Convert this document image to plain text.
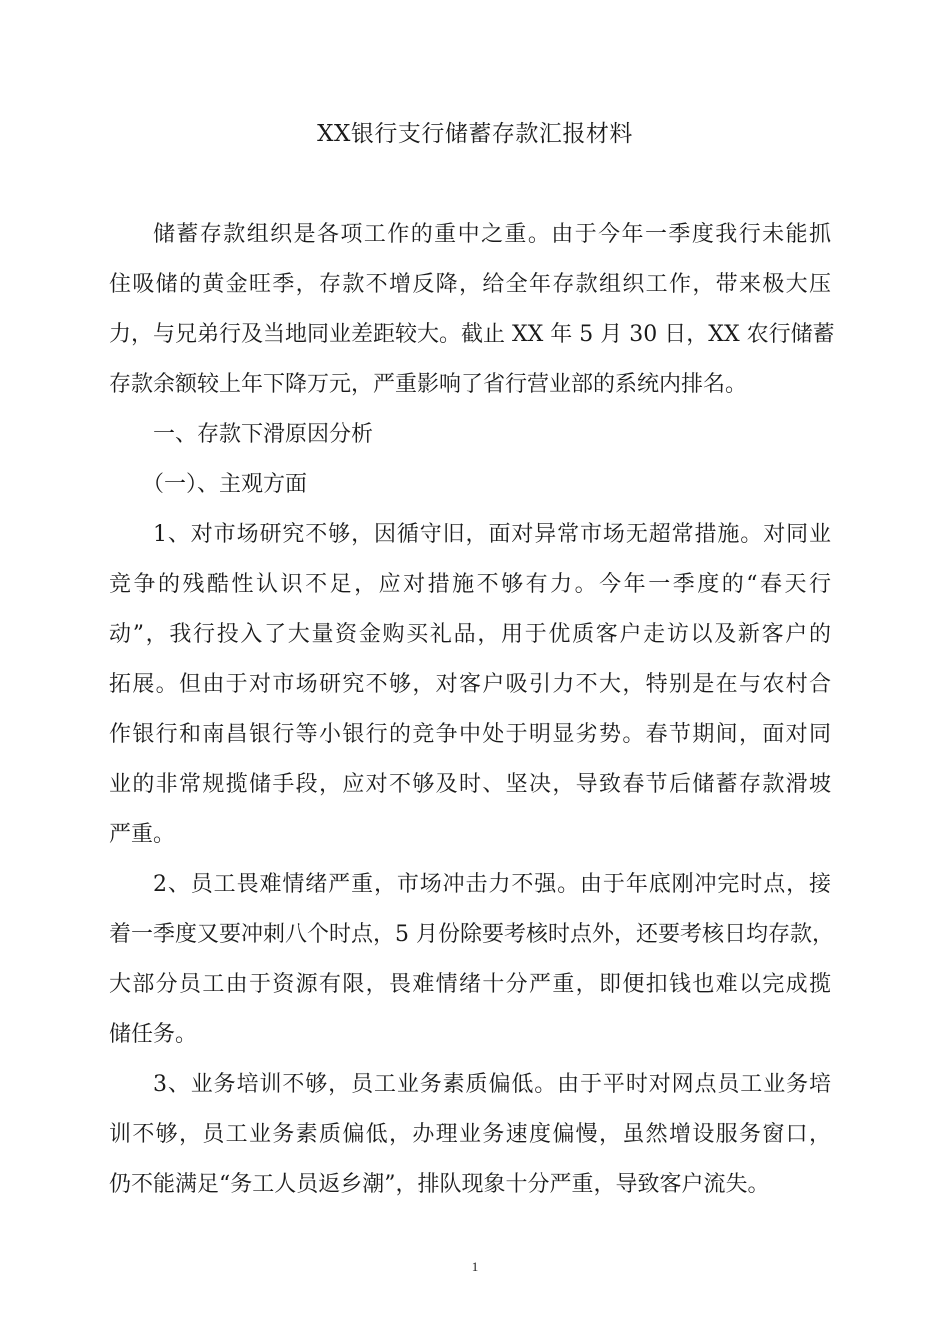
XX银行支行储蓄存款汇报材料
储蓄存款组织是各项工作的重中之重。由于今年一季度我行未能抓
住吸储的黄金旺季，存款不增反降，给全年存款组织工作，带来极大压
力，与兄弟行及当地同业差距较大。截止 XX 年 5 月 30 日，XX 农行储蓄
存款余额较上年下降万元，严重影响了省行营业部的系统内排名。
一、存款下滑原因分析
（一）、主观方面
1、对市场研究不够，因循守旧，面对异常市场无超常措施。对同业
竞争的残酷性认识不足，应对措施不够有力。今年一季度的“春天行
动”，我行投入了大量资金购买礼品，用于优质客户走访以及新客户的
拓展。但由于对市场研究不够，对客户吸引力不大，特别是在与农村合
作银行和南昌银行等小银行的竞争中处于明显劣势。春节期间，面对同
业的非常规揽储手段，应对不够及时、坚决，导致春节后储蓄存款滑坡
严重。
2、员工畏难情绪严重，市场冲击力不强。由于年底刚冲完时点，接
着一季度又要冲刺八个时点，5 月份除要考核时点外，还要考核日均存款，
大部分员工由于资源有限，畏难情绪十分严重，即便扣钱也难以完成揽
储任务。
3、业务培训不够，员工业务素质偏低。由于平时对网点员工业务培
训不够，员工业务素质偏低，办理业务速度偏慢，虽然增设服务窗口，
仍不能满足“务工人员返乡潮”，排队现象十分严重，导致客户流失。
1
